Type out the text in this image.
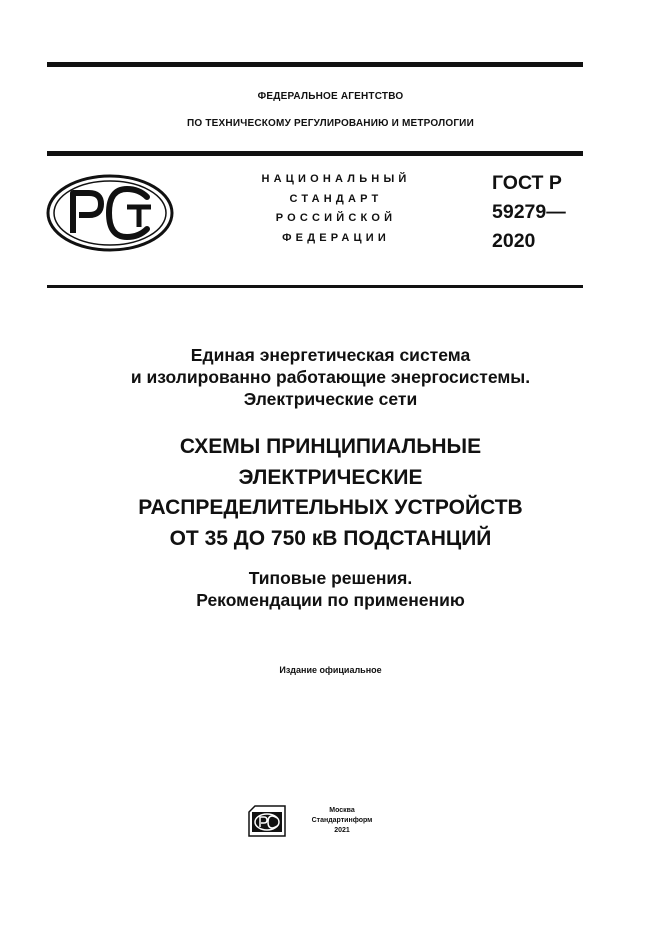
ФЕДЕРАЛЬНОЕ АГЕНТСТВО
ПО ТЕХНИЧЕСКОМУ РЕГУЛИРОВАНИЮ И МЕТРОЛОГИИ
НАЦИОНАЛЬНЫЙ
СТАНДАРТ
РОССИЙСКОЙ
ФЕДЕРАЦИИ
ГОСТ Р
59279—
2020
Единая энергетическая система
и изолированно работающие энергосистемы.
Электрические сети
СХЕМЫ ПРИНЦИПИАЛЬНЫЕ
ЭЛЕКТРИЧЕСКИЕ
РАСПРЕДЕЛИТЕЛЬНЫХ УСТРОЙСТВ
ОТ 35 ДО 750 кВ ПОДСТАНЦИЙ
Типовые решения.
Рекомендации по применению
Издание официальное
Москва
Стандартинформ
2021
